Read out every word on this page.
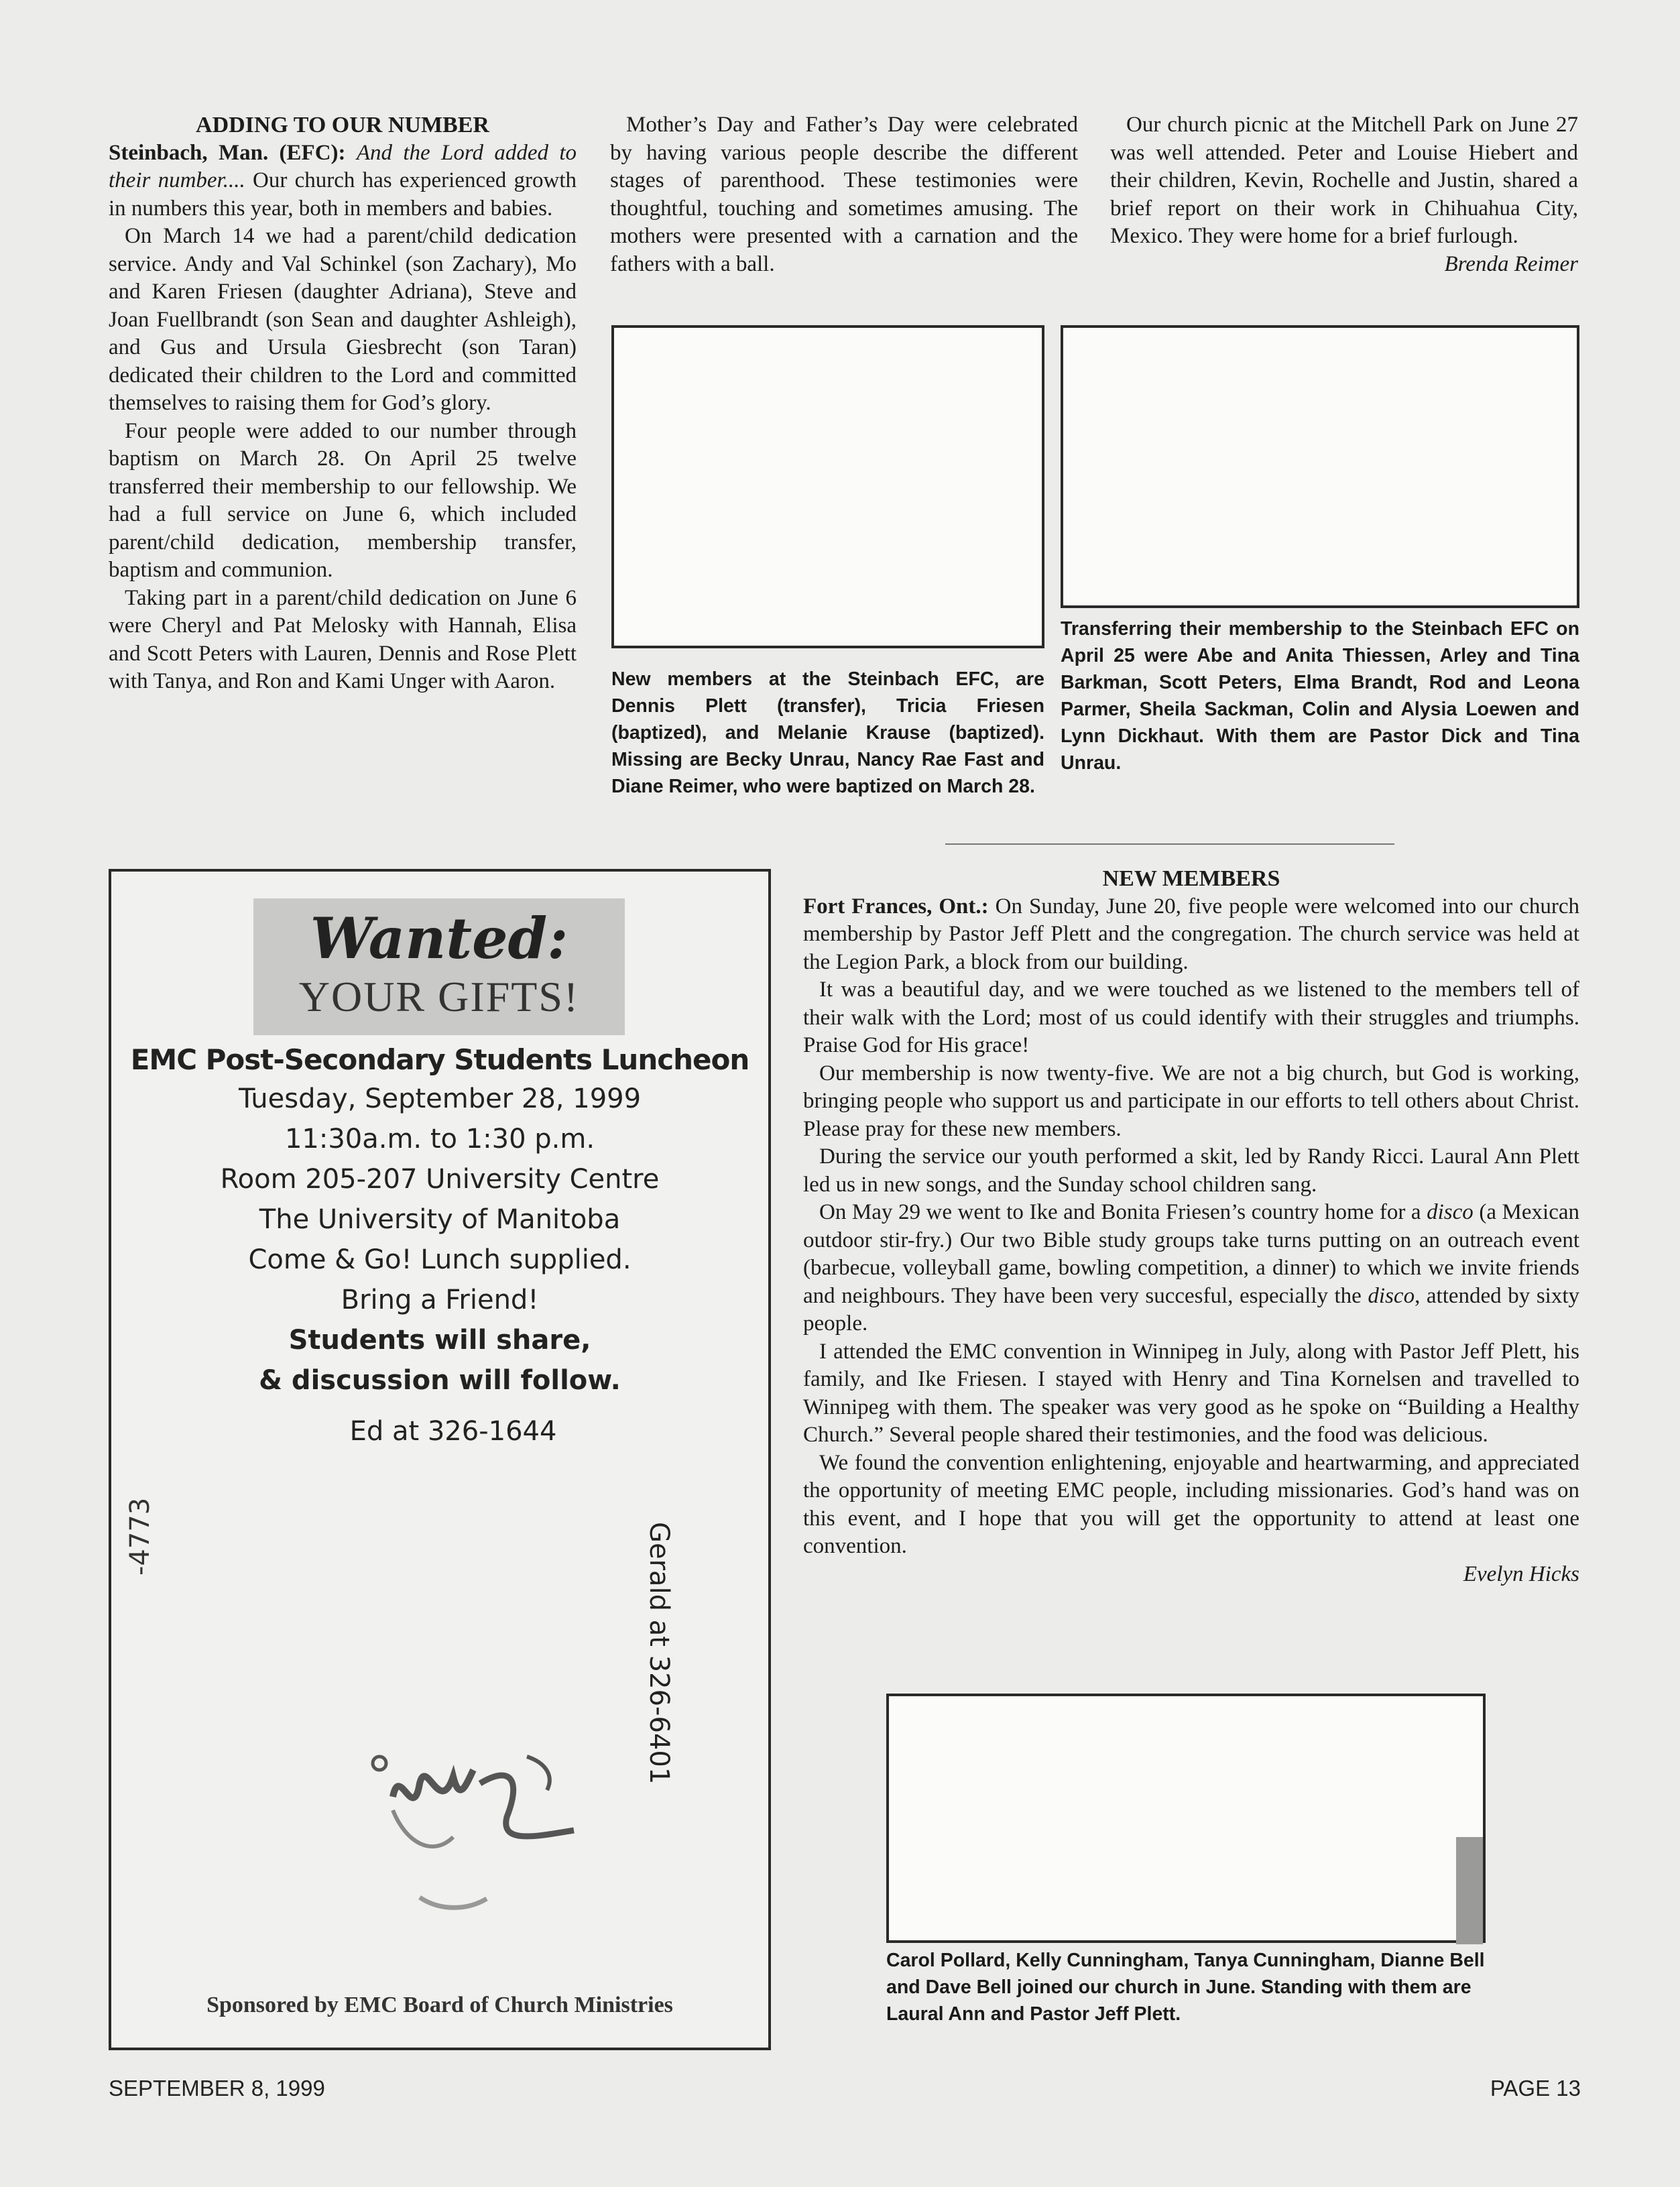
ADDING TO OUR NUMBER

Steinbach, Man. (EFC): And the Lord added to their number.... Our church has experienced growth in numbers this year, both in members and babies.

On March 14 we had a parent/child dedication service. Andy and Val Schinkel (son Zachary), Mo and Karen Friesen (daughter Adriana), Steve and Joan Fuellbrandt (son Sean and daughter Ashleigh), and Gus and Ursula Giesbrecht (son Taran) dedicated their children to the Lord and committed themselves to raising them for God’s glory.

Four people were added to our number through baptism on March 28. On April 25 twelve transferred their membership to our fellowship. We had a full service on June 6, which included parent/child dedication, membership transfer, baptism and communion.

Taking part in a parent/child dedication on June 6 were Cheryl and Pat Melosky with Hannah, Elisa and Scott Peters with Lauren, Dennis and Rose Plett with Tanya, and Ron and Kami Unger with Aaron.

Mother’s Day and Father’s Day were celebrated by having various people describe the different stages of parenthood. These testimonies were thoughtful, touching and sometimes amusing. The mothers were presented with a carnation and the fathers with a ball.

Our church picnic at the Mitchell Park on June 27 was well attended. Peter and Louise Hiebert and their children, Kevin, Rochelle and Justin, shared a brief report on their work in Chihuahua City, Mexico. They were home for a brief furlough.

Brenda Reimer
New members at the Steinbach EFC, are Dennis Plett (transfer), Tricia Friesen (baptized), and Melanie Krause (baptized). Missing are Becky Unrau, Nancy Rae Fast and Diane Reimer, who were baptized on March 28.
Transferring their membership to the Steinbach EFC on April 25 were Abe and Anita Thiessen, Arley and Tina Barkman, Scott Peters, Elma Brandt, Rod and Leona Parmer, Sheila Sackman, Colin and Alysia Loewen and Lynn Dickhaut. With them are Pastor Dick and Tina Unrau.
NEW MEMBERS

Fort Frances, Ont.: On Sunday, June 20, five people were welcomed into our church membership by Pastor Jeff Plett and the congregation. The church service was held at the Legion Park, a block from our building.

It was a beautiful day, and we were touched as we listened to the members tell of their walk with the Lord; most of us could identify with their struggles and triumphs. Praise God for His grace!

Our membership is now twenty-five. We are not a big church, but God is working, bringing people who support us and participate in our efforts to tell others about Christ. Please pray for these new members.

During the service our youth performed a skit, led by Randy Ricci. Laural Ann Plett led us in new songs, and the Sunday school children sang.

On May 29 we went to Ike and Bonita Friesen’s country home for a disco (a Mexican outdoor stir-fry.) Our two Bible study groups take turns putting on an outreach event (barbecue, volleyball game, bowling competition, a dinner) to which we invite friends and neighbours. They have been very succesful, especially the disco, attended by sixty people.

I attended the EMC convention in Winnipeg in July, along with Pastor Jeff Plett, his family, and Ike Friesen. I stayed with Henry and Tina Kornelsen and travelled to Winnipeg with them. The speaker was very good as he spoke on “Building a Healthy Church.” Several people shared their testimonies, and the food was delicious.

We found the convention enlightening, enjoyable and heartwarming, and appreciated the opportunity of meeting EMC people, including missionaries. God’s hand was on this event, and I hope that you will get the opportunity to attend at least one convention.

Evelyn Hicks
Carol Pollard, Kelly Cunningham, Tanya Cunningham, Dianne Bell and Dave Bell joined our church in June. Standing with them are Laural Ann and Pastor Jeff Plett.
Wanted:
YOUR GIFTS!
EMC Post-Secondary Students Luncheon
Tuesday, September 28, 1999
11:30a.m. to 1:30 p.m.
Room 205-207 University Centre
The University of Manitoba
Come & Go! Lunch supplied.
Bring a Friend!
Students will share,
& discussion will follow.
Ed at 326-1644
-4773	Gerald at 326-6401
Sponsored by EMC Board of Church Ministries
SEPTEMBER 8, 1999	PAGE 13
